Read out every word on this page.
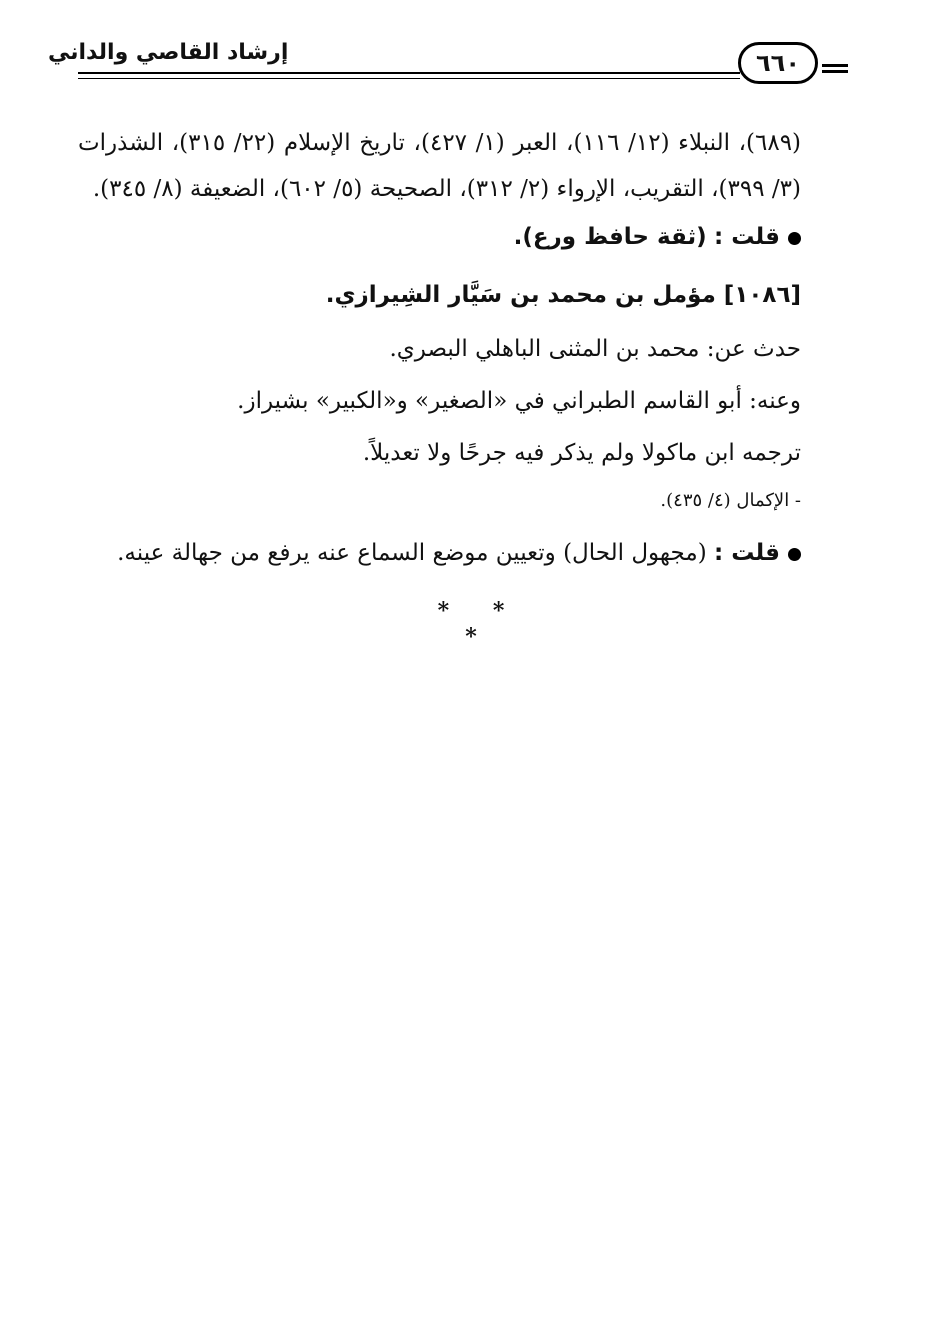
إرشاد القاصي والداني	٦٦٠
(٦٨٩)، النبلاء (١٢/ ١١٦)، العبر (١/ ٤٢٧)، تاريخ الإسلام (٢٢/ ٣١٥)، الشذرات
(٣/ ٣٩٩)، التقريب، الإرواء (٢/ ٣١٢)، الصحيحة (٥/ ٦٠٢)، الضعيفة (٨/ ٣٤٥).
قلت : (ثقة حافظ ورع).
[١٠٨٦] مؤمل بن محمد بن سَيَّار الشِيرازي.
حدث عن: محمد بن المثنى الباهلي البصري.
وعنه: أبو القاسم الطبراني في «الصغير» و«الكبير» بشيراز.
ترجمه ابن ماكولا ولم يذكر فيه جرحًا ولا تعديلاً.
- الإكمال (٤/ ٤٣٥).
قلت : (مجهول الحال) وتعيين موضع السماع عنه يرفع من جهالة عينه.
* * *
